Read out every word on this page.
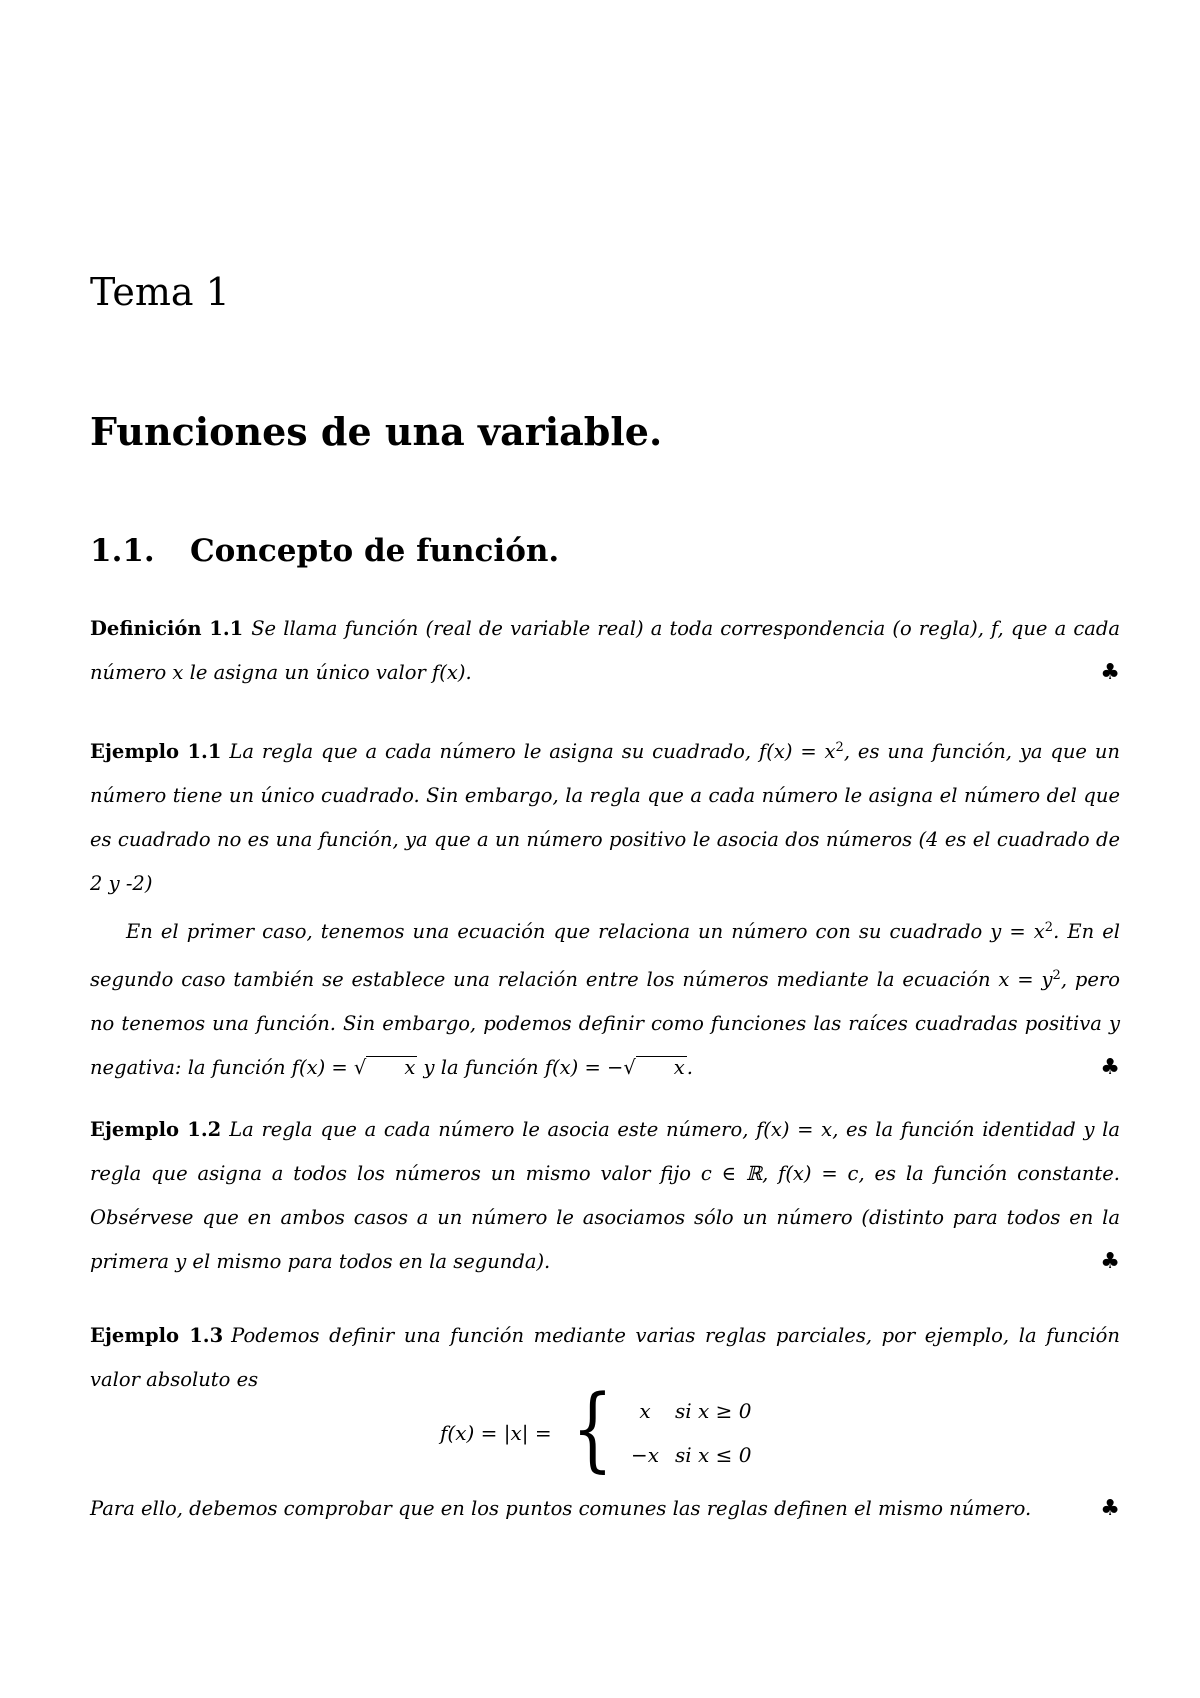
Tema 1
Funciones de una variable.
1.1. Concepto de función.

Definición 1.1 Se llama función (real de variable real) a toda correspondencia (o regla), f, que a cada número x le asigna un único valor f(x).	♣

Ejemplo 1.1 La regla que a cada número le asigna su cuadrado, $f(x) = x^2$, es una función, ya que un número tiene un único cuadrado. Sin embargo, la regla que a cada número le asigna el número del que es cuadrado no es una función, ya que a un número positivo le asocia dos números (4 es el cuadrado de 2 y -2)

En el primer caso, tenemos una ecuación que relaciona un número con su cuadrado $y = x^2$. En el segundo caso también se establece una relación entre los números mediante la ecuación $x = y^2$, pero no tenemos una función. Sin embargo, podemos definir como funciones las raíces cuadradas positiva y negativa: la función f(x) = √ x y la función f(x) = −√ x .	♣

Ejemplo 1.2 La regla que a cada número le asocia este número, f(x) = x, es la función identidad y la regla que asigna a todos los números un mismo valor fijo c ∈ ℝ, f(x) = c, es la función constante. Obsérvese que en ambos casos a un número le asociamos sólo un número (distinto para todos en la primera y el mismo para todos en la segunda).	♣

Ejemplo 1.3 Podemos definir una función mediante varias reglas parciales, por ejemplo, la función valor absoluto es

f(x) = |x| = {	x si x ≥ 0
−x si x ≤ 0

Para ello, debemos comprobar que en los puntos comunes las reglas definen el mismo número.	♣
